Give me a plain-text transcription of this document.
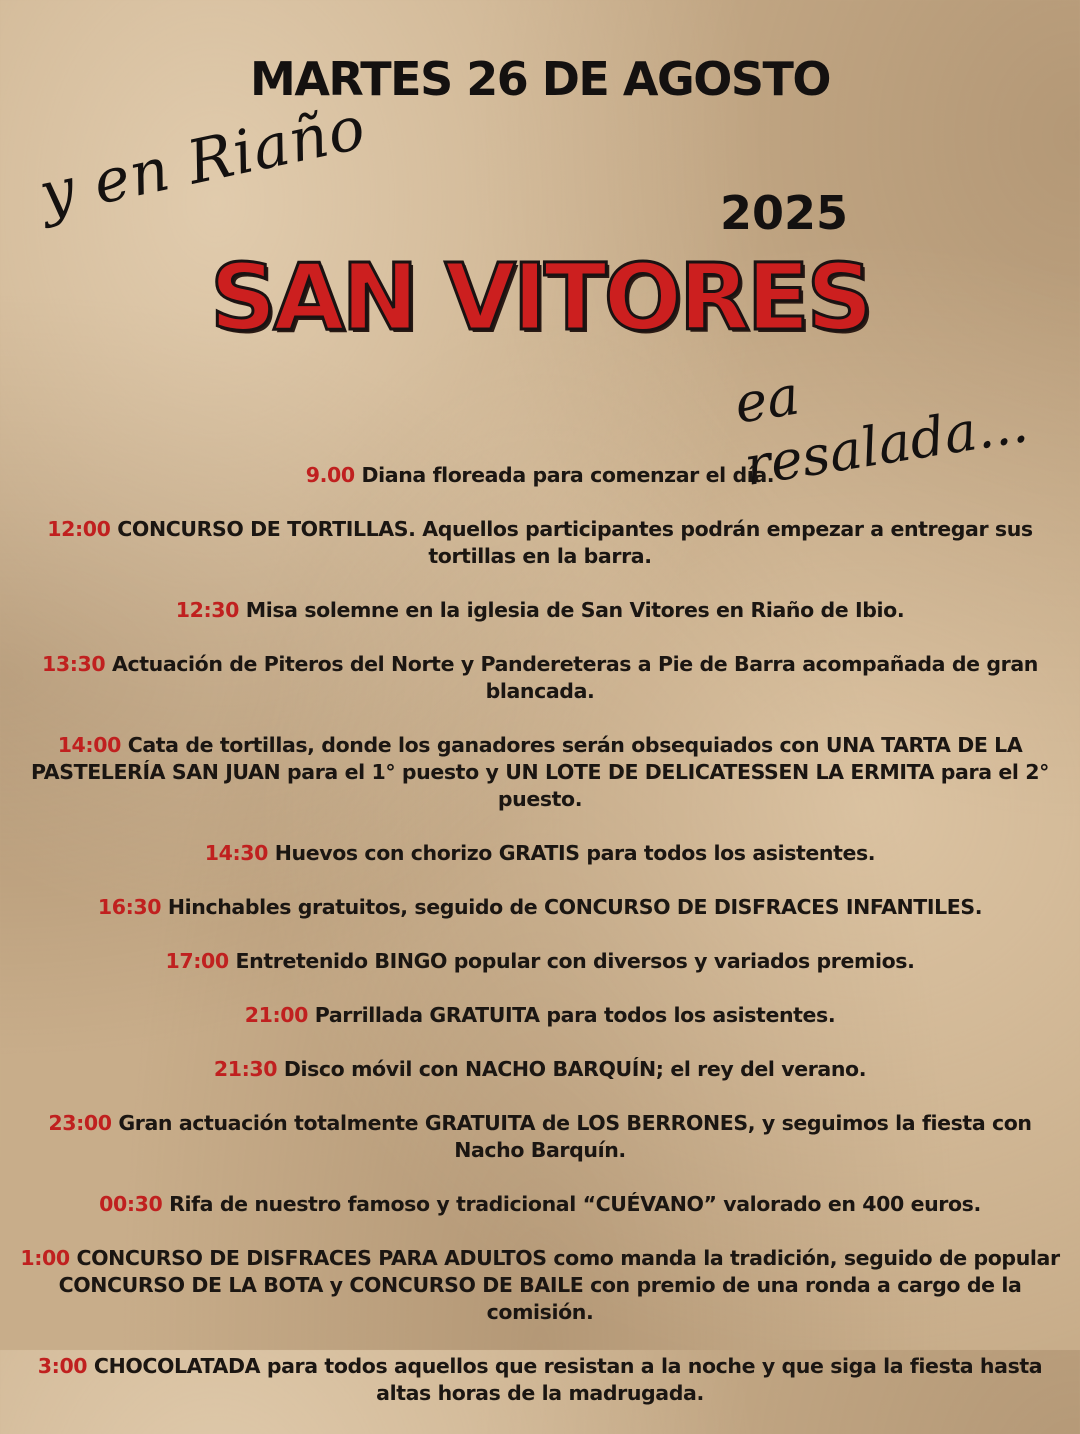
MARTES 26 DE AGOSTO
y en Riaño	2025
SAN VITORES
ea resalada...

9.00 Diana floreada para comenzar el día.

12:00 CONCURSO DE TORTILLAS. Aquellos participantes podrán empezar a entregar sus tortillas en la barra.

12:30 Misa solemne en la iglesia de San Vitores en Riaño de Ibio.

13:30 Actuación de Piteros del Norte y Pandereteras a Pie de Barra acompañada de gran blancada.

14:00 Cata de tortillas, donde los ganadores serán obsequiados con UNA TARTA DE LA PASTELERÍA SAN JUAN para el 1° puesto y UN LOTE DE DELICATESSEN LA ERMITA para el 2° puesto.

14:30 Huevos con chorizo GRATIS para todos los asistentes.

16:30 Hinchables gratuitos, seguido de CONCURSO DE DISFRACES INFANTILES.

17:00 Entretenido BINGO popular con diversos y variados premios.

21:00 Parrillada GRATUITA para todos los asistentes.

21:30 Disco móvil con NACHO BARQUÍN; el rey del verano.

23:00 Gran actuación totalmente GRATUITA de LOS BERRONES, y seguimos la fiesta con Nacho Barquín.

00:30 Rifa de nuestro famoso y tradicional “CUÉVANO” valorado en 400 euros.

1:00 CONCURSO DE DISFRACES PARA ADULTOS como manda la tradición, seguido de popular CONCURSO DE LA BOTA y CONCURSO DE BAILE con premio de una ronda a cargo de la comisión.

3:00 CHOCOLATADA para todos aquellos que resistan a la noche y que siga la fiesta hasta altas horas de la madrugada.
